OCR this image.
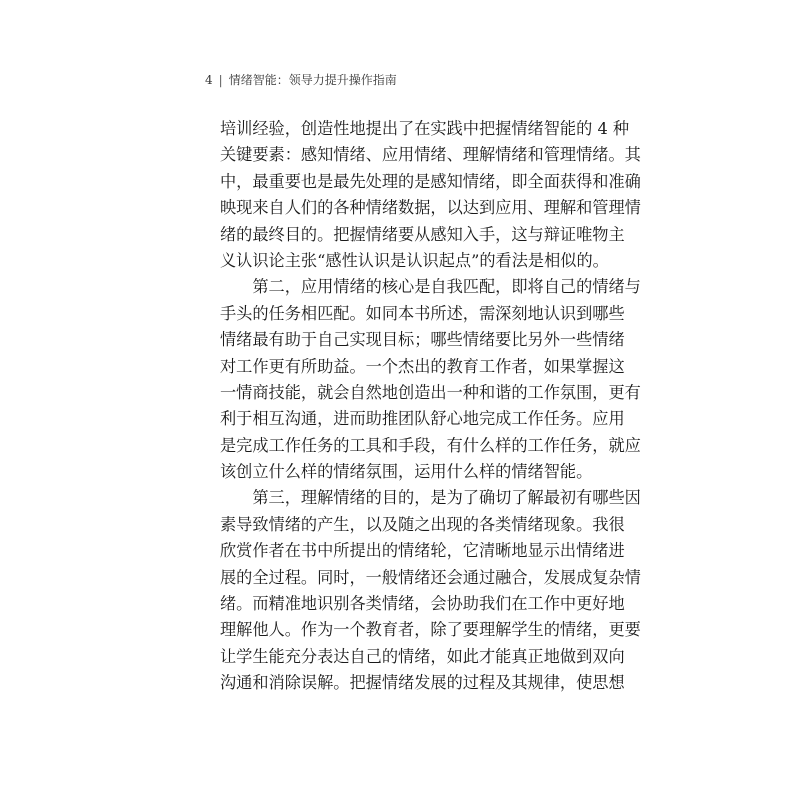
4 | 情绪智能：领导力提升操作指南
培训经验，创造性地提出了在实践中把握情绪智能的 4 种
关键要素：感知情绪、应用情绪、理解情绪和管理情绪。其
中，最重要也是最先处理的是感知情绪，即全面获得和准确
映现来自人们的各种情绪数据，以达到应用、理解和管理情
绪的最终目的。把握情绪要从感知入手，这与辩证唯物主
义认识论主张“感性认识是认识起点”的看法是相似的。
　　第二，应用情绪的核心是自我匹配，即将自己的情绪与
手头的任务相匹配。如同本书所述，需深刻地认识到哪些
情绪最有助于自己实现目标；哪些情绪要比另外一些情绪
对工作更有所助益。一个杰出的教育工作者，如果掌握这
一情商技能，就会自然地创造出一种和谐的工作氛围，更有
利于相互沟通，进而助推团队舒心地完成工作任务。应用
是完成工作任务的工具和手段，有什么样的工作任务，就应
该创立什么样的情绪氛围，运用什么样的情绪智能。
　　第三，理解情绪的目的，是为了确切了解最初有哪些因
素导致情绪的产生，以及随之出现的各类情绪现象。我很
欣赏作者在书中所提出的情绪轮，它清晰地显示出情绪进
展的全过程。同时，一般情绪还会通过融合，发展成复杂情
绪。而精准地识别各类情绪，会协助我们在工作中更好地
理解他人。作为一个教育者，除了要理解学生的情绪，更要
让学生能充分表达自己的情绪，如此才能真正地做到双向
沟通和消除误解。把握情绪发展的过程及其规律，使思想
